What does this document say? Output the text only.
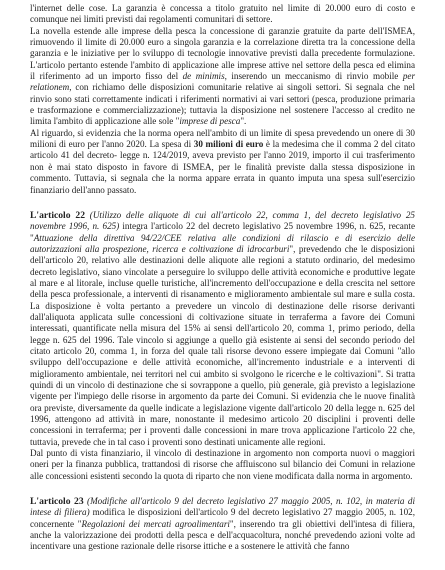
l'internet delle cose. La garanzia è concessa a titolo gratuito nel limite di 20.000 euro di costo e comunque nei limiti previsti dai regolamenti comunitari di settore.

La novella estende alle imprese della pesca la concessione di garanzie gratuite da parte dell'ISMEA, rimuovendo il limite di 20.000 euro a singola garanzia e la correlazione diretta tra la concessione della garanzia e le iniziative per lo sviluppo di tecnologie innovative previsti dalla precedente formulazione. L'articolo pertanto estende l'ambito di applicazione alle imprese attive nel settore della pesca ed elimina il riferimento ad un importo fisso del de minimis, inserendo un meccanismo di rinvio mobile per relationem, con richiamo delle disposizioni comunitarie relative ai singoli settori. Si segnala che nel rinvio sono stati correttamente indicati i riferimenti normativi ai vari settori (pesca, produzione primaria e trasformazione e commercializzazione); tuttavia la disposizione nel sostenere l'accesso al credito ne limita l'ambito di applicazione alle sole "imprese di pesca".

Al riguardo, si evidenzia che la norma opera nell'ambito di un limite di spesa prevedendo un onere di 30 milioni di euro per l'anno 2020. La spesa di 30 milioni di euro è la medesima che il comma 2 del citato articolo 41 del decreto- legge n. 124/2019, aveva previsto per l'anno 2019, importo il cui trasferimento non è mai stato disposto in favore di ISMEA, per le finalità previste dalla stessa disposizione in commento. Tuttavia, si segnala che la norma appare errata in quanto imputa una spesa sull'esercizio finanziario dell'anno passato.

L'articolo 22 (Utilizzo delle aliquote di cui all'articolo 22, comma 1, del decreto legislativo 25 novembre 1996, n. 625) integra l'articolo 22 del decreto legislativo 25 novembre 1996, n. 625, recante "Attuazione della direttiva 94/22/CEE relativa alle condizioni di rilascio e di esercizio delle autorizzazioni alla prospezione, ricerca e coltivazione di idrocarburi", prevedendo che le disposizioni dell'articolo 20, relativo alle destinazioni delle aliquote alle regioni a statuto ordinario, del medesimo decreto legislativo, siano vincolate a perseguire lo sviluppo delle attività economiche e produttive legate al mare e al litorale, incluse quelle turistiche, all'incremento dell'occupazione e della crescita nel settore della pesca professionale, a interventi di risanamento e miglioramento ambientale sul mare e sulla costa. La disposizione è volta pertanto a prevedere un vincolo di destinazione delle risorse derivanti dall'aliquota applicata sulle concessioni di coltivazione situate in terraferma a favore dei Comuni interessati, quantificate nella misura del 15% ai sensi dell'articolo 20, comma 1, primo periodo, della legge n. 625 del 1996. Tale vincolo si aggiunge a quello già esistente ai sensi del secondo periodo del citato articolo 20, comma 1, in forza del quale tali risorse devono essere impiegate dai Comuni "allo sviluppo dell'occupazione e delle attività economiche, all'incremento industriale e a interventi di miglioramento ambientale, nei territori nel cui ambito si svolgono le ricerche e le coltivazioni". Si tratta quindi di un vincolo di destinazione che si sovrappone a quello, più generale, già previsto a legislazione vigente per l'impiego delle risorse in argomento da parte dei Comuni. Si evidenzia che le nuove finalità ora previste, diversamente da quelle indicate a legislazione vigente dall'articolo 20 della legge n. 625 del 1996, attengono ad attività in mare, nonostante il medesimo articolo 20 disciplini i proventi delle concessioni in terraferma; per i proventi dalle concessioni in mare trova applicazione l'articolo 22 che, tuttavia, prevede che in tal caso i proventi sono destinati unicamente alle regioni.

Dal punto di vista finanziario, il vincolo di destinazione in argomento non comporta nuovi o maggiori oneri per la finanza pubblica, trattandosi di risorse che affluiscono sul bilancio dei Comuni in relazione alle concessioni esistenti secondo la quota di riparto che non viene modificata dalla norma in argomento.

L'articolo 23 (Modifiche all'articolo 9 del decreto legislativo 27 maggio 2005, n. 102, in materia di intese di filiera) modifica le disposizioni dell'articolo 9 del decreto legislativo 27 maggio 2005, n. 102, concernente "Regolazioni dei mercati agroalimentari", inserendo tra gli obiettivi dell'intesa di filiera, anche la valorizzazione dei prodotti della pesca e dell'acquacoltura, nonché prevedendo azioni volte ad incentivare una gestione razionale delle risorse ittiche e a sostenere le attività che fanno
